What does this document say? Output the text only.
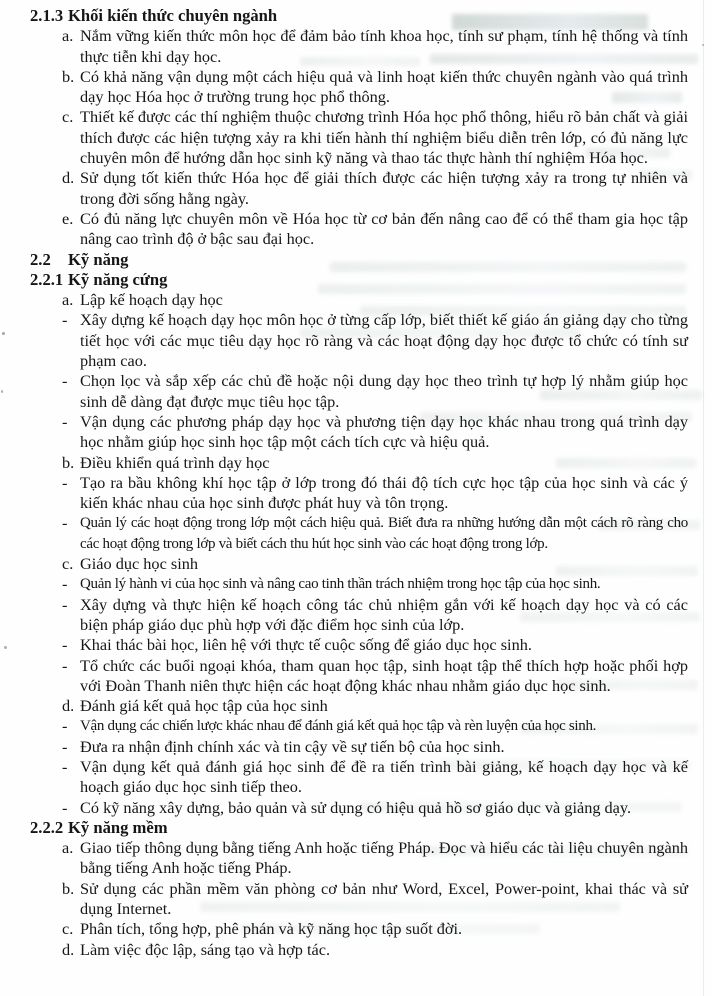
2.1.3 Khối kiến thức chuyên ngành
a. Nắm vững kiến thức môn học để đảm bảo tính khoa học, tính sư phạm, tính hệ thống và tính thực tiễn khi dạy học.
b. Có khả năng vận dụng một cách hiệu quả và linh hoạt kiến thức chuyên ngành vào quá trình dạy học Hóa học ở trường trung học phổ thông.
c. Thiết kế được các thí nghiệm thuộc chương trình Hóa học phổ thông, hiểu rõ bản chất và giải thích được các hiện tượng xảy ra khi tiến hành thí nghiệm biểu diễn trên lớp, có đủ năng lực chuyên môn để hướng dẫn học sinh kỹ năng và thao tác thực hành thí nghiệm Hóa học.
d. Sử dụng tốt kiến thức Hóa học để giải thích được các hiện tượng xảy ra trong tự nhiên và trong đời sống hằng ngày.
e. Có đủ năng lực chuyên môn về Hóa học từ cơ bản đến nâng cao để có thể tham gia học tập nâng cao trình độ ở bậc sau đại học.
2.2	Kỹ năng
2.2.1 Kỹ năng cứng
a. Lập kế hoạch dạy học
- Xây dựng kế hoạch dạy học môn học ở từng cấp lớp, biết thiết kế giáo án giảng dạy cho từng tiết học với các mục tiêu dạy học rõ ràng và các hoạt động dạy học được tổ chức có tính sư phạm cao.
- Chọn lọc và sắp xếp các chủ đề hoặc nội dung dạy học theo trình tự hợp lý nhằm giúp học sinh dễ dàng đạt được mục tiêu học tập.
- Vận dụng các phương pháp dạy học và phương tiện dạy học khác nhau trong quá trình dạy học nhằm giúp học sinh học tập một cách tích cực và hiệu quả.
b. Điều khiển quá trình dạy học
- Tạo ra bầu không khí học tập ở lớp trong đó thái độ tích cực học tập của học sinh và các ý kiến khác nhau của học sinh được phát huy và tôn trọng.
- Quản lý các hoạt động trong lớp một cách hiệu quả. Biết đưa ra những hướng dẫn một cách rõ ràng cho các hoạt động trong lớp và biết cách thu hút học sinh vào các hoạt động trong lớp.
c. Giáo dục học sinh
- Quản lý hành vi của học sinh và nâng cao tinh thần trách nhiệm trong học tập của học sinh.
- Xây dựng và thực hiện kế hoạch công tác chủ nhiệm gắn với kế hoạch dạy học và có các biện pháp giáo dục phù hợp với đặc điểm học sinh của lớp.
- Khai thác bài học, liên hệ với thực tế cuộc sống để giáo dục học sinh.
- Tổ chức các buổi ngoại khóa, tham quan học tập, sinh hoạt tập thể thích hợp hoặc phối hợp với Đoàn Thanh niên thực hiện các hoạt động khác nhau nhằm giáo dục học sinh.
d. Đánh giá kết quả học tập của học sinh
- Vận dụng các chiến lược khác nhau để đánh giá kết quả học tập và rèn luyện của học sinh.
- Đưa ra nhận định chính xác và tin cậy về sự tiến bộ của học sinh.
- Vận dụng kết quả đánh giá học sinh để đề ra tiến trình bài giảng, kế hoạch dạy học và kế hoạch giáo dục học sinh tiếp theo.
- Có kỹ năng xây dựng, bảo quản và sử dụng có hiệu quả hồ sơ giáo dục và giảng dạy.
2.2.2 Kỹ năng mềm
a. Giao tiếp thông dụng bằng tiếng Anh hoặc tiếng Pháp. Đọc và hiểu các tài liệu chuyên ngành bằng tiếng Anh hoặc tiếng Pháp.
b. Sử dụng các phần mềm văn phòng cơ bản như Word, Excel, Power-point, khai thác và sử dụng Internet.
c. Phân tích, tổng hợp, phê phán và kỹ năng học tập suốt đời.
d. Làm việc độc lập, sáng tạo và hợp tác.
